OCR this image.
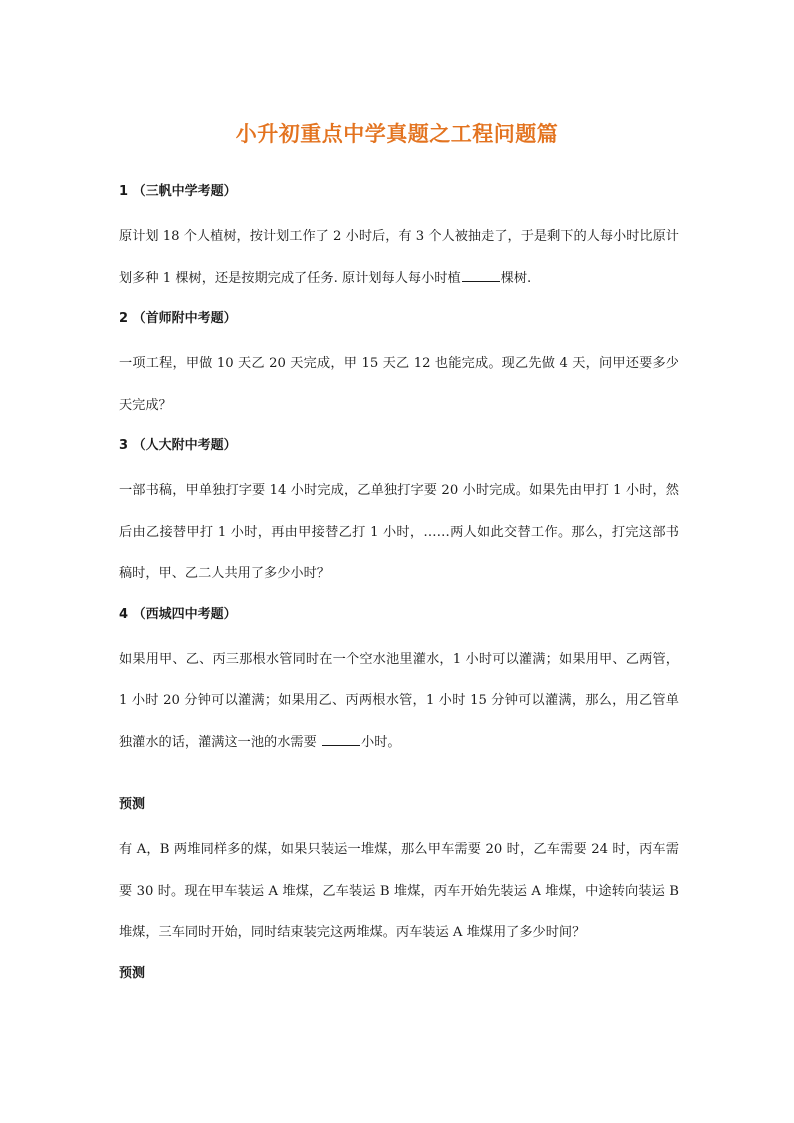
小升初重点中学真题之工程问题篇

1 （三帆中学考题）

原计划 18 个人植树，按计划工作了 2 小时后，有 3 个人被抽走了，于是剩下的人每小时比原计划多种 1 棵树，还是按期完成了任务. 原计划每人每小时植	棵树.

2 （首师附中考题）

一项工程，甲做 10 天乙 20 天完成，甲 15 天乙 12 也能完成。现乙先做 4 天，问甲还要多少天完成？

3 （人大附中考题）

一部书稿，甲单独打字要 14 小时完成，乙单独打字要 20 小时完成。如果先由甲打 1 小时，然后由乙接替甲打 1 小时，再由甲接替乙打 1 小时，……两人如此交替工作。那么，打完这部书稿时，甲、乙二人共用了多少小时？

4 （西城四中考题）

如果用甲、乙、丙三那根水管同时在一个空水池里灌水，1 小时可以灌满；如果用甲、乙两管，1 小时 20 分钟可以灌满；如果用乙、丙两根水管，1 小时 15 分钟可以灌满，那么，用乙管单独灌水的话，灌满这一池的水需要	小时。

预测

有 A，B 两堆同样多的煤，如果只装运一堆煤，那么甲车需要 20 时，乙车需要 24 时，丙车需要 30 时。现在甲车装运 A 堆煤，乙车装运 B 堆煤，丙车开始先装运 A 堆煤，中途转向装运 B 堆煤，三车同时开始，同时结束装完这两堆煤。丙车装运 A 堆煤用了多少时间？

预测
